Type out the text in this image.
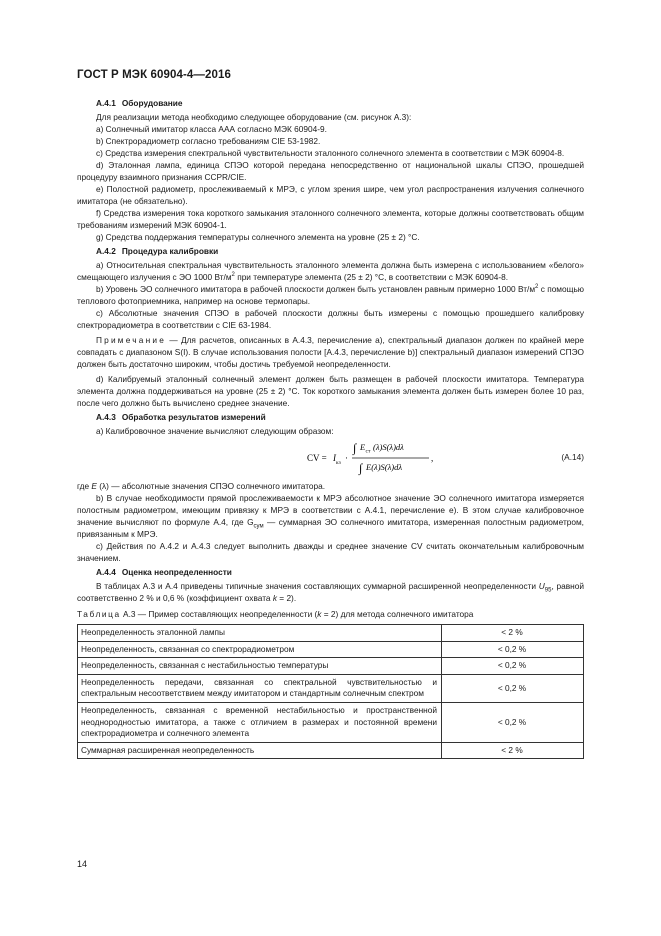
ГОСТ Р МЭК 60904-4—2016
A.4.1 Оборудование

Для реализации метода необходимо следующее оборудование (см. рисунок А.3):

a) Солнечный имитатор класса ААА согласно МЭК 60904-9.

b) Спектрорадиометр согласно требованиям CIE 53-1982.

c) Средства измерения спектральной чувствительности эталонного солнечного элемента в соответствии с МЭК 60904-8.

d) Эталонная лампа, единица СПЭО которой передана непосредственно от национальной шкалы СПЭО, прошедшей процедуру взаимного признания CCPR/CIE.

e) Полостной радиометр, прослеживаемый к МРЭ, с углом зрения шире, чем угол распространения излучения солнечного имитатора (не обязательно).

f) Средства измерения тока короткого замыкания эталонного солнечного элемента, которые должны соответствовать общим требованиям измерений МЭК 60904-1.

g) Средства поддержания температуры солнечного элемента на уровне (25 ± 2) °С.

A.4.2 Процедура калибровки

a) Относительная спектральная чувствительность эталонного элемента должна быть измерена с использованием «белого» смещающего излучения с ЭО 1000 $Вт/м^2$ при температуре элемента (25 ± 2) °С, в соответствии с МЭК 60904-8.

b) Уровень ЭО солнечного имитатора в рабочей плоскости должен быть установлен равным примерно 1000 $Вт/м^2$ с помощью теплового фотоприемника, например на основе термопары.

c) Абсолютные значения СПЭО в рабочей плоскости должны быть измерены с помощью прошедшего калибровку спектрорадиометра в соответствии с CIE 63-1984.

Примечание — Для расчетов, описанных в А.4.3, перечисление а), спектральный диапазон должен по крайней мере совпадать с диапазоном S(I). В случае использования полости [А.4.3, перечисление b)] спектральный диапазон измерений СПЭО должен быть достаточно широким, чтобы достичь требуемой неопределенности.

d) Калибруемый эталонный солнечный элемент должен быть размещен в рабочей плоскости имитатора. Температура элемента должна поддерживаться на уровне (25 ± 2) °С. Ток короткого замыкания элемента должен быть измерен более 10 раз, после чего должно быть вычислено среднее значение.

A.4.3 Обработка результатов измерений

a) Калибровочное значение вычисляют следующим образом:

CV = I кз ·
∫ E ст (λ)S(λ)dλ
∫ E(λ)S(λ)dλ
,	(A.14)

где E (λ) — абсолютные значения СПЭО солнечного имитатора.

b) В случае необходимости прямой прослеживаемости к МРЭ абсолютное значение ЭО солнечного имитатора измеряется полостным радиометром, имеющим привязку к МРЭ в соответствии с А.4.1, перечисление е). В этом случае калибровочное значение вычисляют по формуле А.4, где $G_{сум}$ — суммарная ЭО солнечного имитатора, измеренная полостным радиометром, привязанным к МРЭ.

c) Действия по А.4.2 и А.4.3 следует выполнить дважды и среднее значение CV считать окончательным калибровочным значением.

A.4.4 Оценка неопределенности

В таблицах А.3 и А.4 приведены типичные значения составляющих суммарной расширенной неопределенности $U_{95}$, равной соответственно 2 % и 0,6 % (коэффициент охвата k = 2).

Таблица А.3 — Пример составляющих неопределенности (k = 2) для метода солнечного имитатора

Неопределенность эталонной лампы	< 2 %
Неопределенность, связанная со спектрорадиометром	< 0,2 %
Неопределенность, связанная с нестабильностью температуры	< 0,2 %
Неопределенность передачи, связанная со спектральной чувствительностью и спектральным несоответствием между имитатором и стандартным солнечным спектром	< 0,2 %
Неопределенность, связанная с временной нестабильностью и пространственной неоднородностью имитатора, а также с отличием в размерах и постоянной времени спектрорадиометра и солнечного элемента	< 0,2 %
Суммарная расширенная неопределенность	< 2 %
14
